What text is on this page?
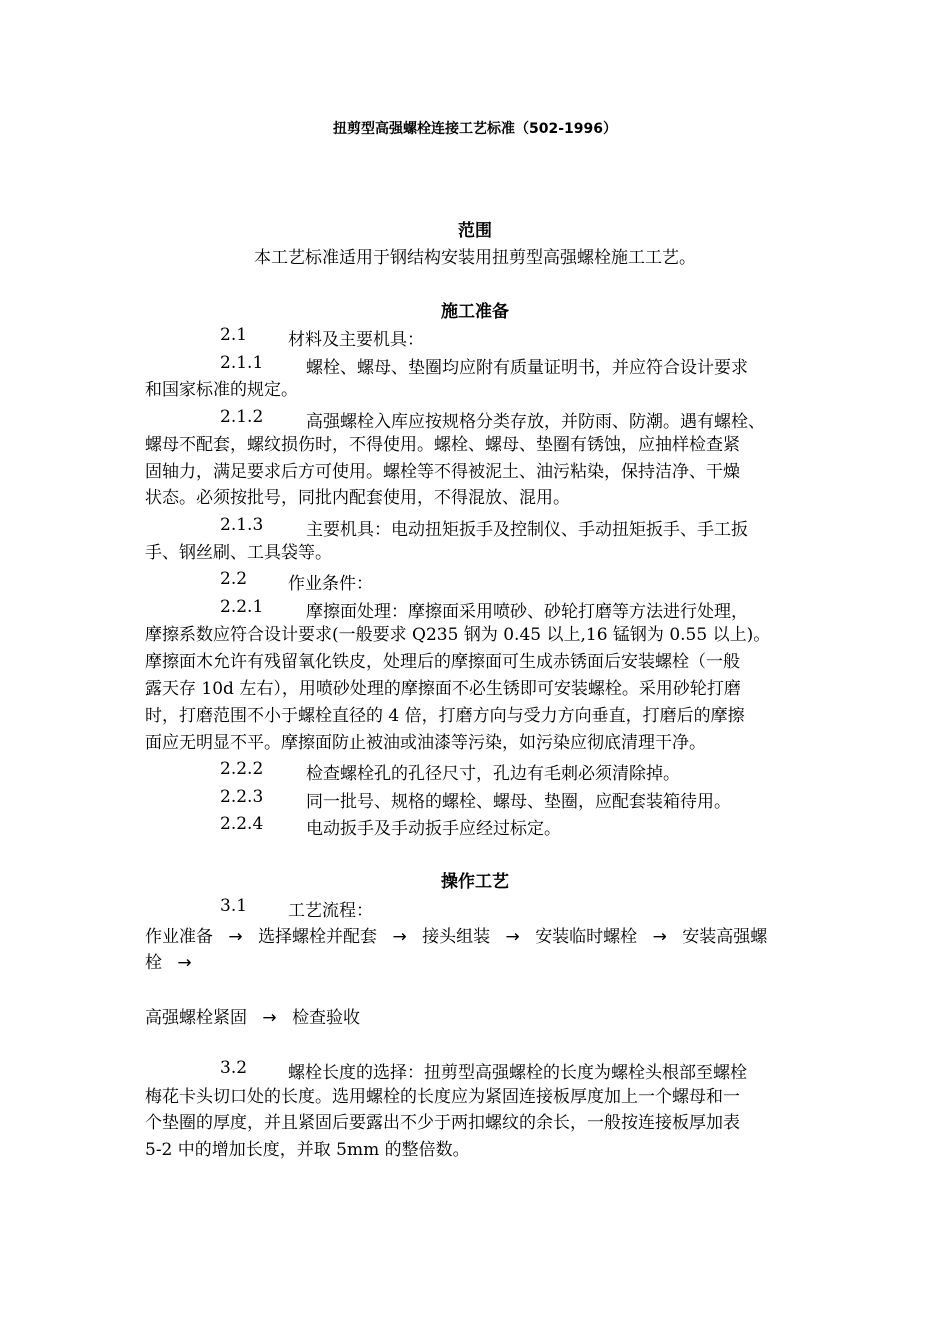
扭剪型高强螺栓连接工艺标准（502-1996）
范围
本工艺标准适用于钢结构安装用扭剪型高强螺栓施工工艺。
施工准备
2.1 材料及主要机具：
2.1.1	螺栓、螺母、垫圈均应附有质量证明书，并应符合设计要求
和国家标准的规定。
2.1.2	高强螺栓入库应按规格分类存放，并防雨、防潮。遇有螺栓、
螺母不配套，螺纹损伤时，不得使用。螺栓、螺母、垫圈有锈蚀，应抽样检查紧
固轴力，满足要求后方可使用。螺栓等不得被泥土、油污粘染，保持洁净、干燥
状态。必须按批号，同批内配套使用，不得混放、混用。
2.1.3	主要机具：电动扭矩扳手及控制仪、手动扭矩扳手、手工扳
手、钢丝刷、工具袋等。
2.2 作业条件：
2.2.1	摩擦面处理：摩擦面采用喷砂、砂轮打磨等方法进行处理，
摩擦系数应符合设计要求(一般要求 Q235 钢为 0.45 以上,16 锰钢为 0.55 以上)。
摩擦面木允许有残留氧化铁皮，处理后的摩擦面可生成赤锈面后安装螺栓（一般
露天存 10d 左右），用喷砂处理的摩擦面不必生锈即可安装螺栓。采用砂轮打磨
时，打磨范围不小于螺栓直径的 4 倍，打磨方向与受力方向垂直，打磨后的摩擦
面应无明显不平。摩擦面防止被油或油漆等污染，如污染应彻底清理干净。
2.2.2	检查螺栓孔的孔径尺寸，孔边有毛刺必须清除掉。
2.2.3	同一批号、规格的螺栓、螺母、垫圈，应配套装箱待用。
2.2.4	电动扳手及手动扳手应经过标定。
操作工艺
3.1 工艺流程：
作业准备 → 选择螺栓并配套 → 接头组装 → 安装临时螺栓 → 安装高强螺
栓 →
高强螺栓紧固 → 检查验收
3.2 螺栓长度的选择：扭剪型高强螺栓的长度为螺栓头根部至螺栓
梅花卡头切口处的长度。选用螺栓的长度应为紧固连接板厚度加上一个螺母和一
个垫圈的厚度，并且紧固后要露出不少于两扣螺纹的余长，一般按连接板厚加表
5-2 中的增加长度，并取 5mm 的整倍数。
